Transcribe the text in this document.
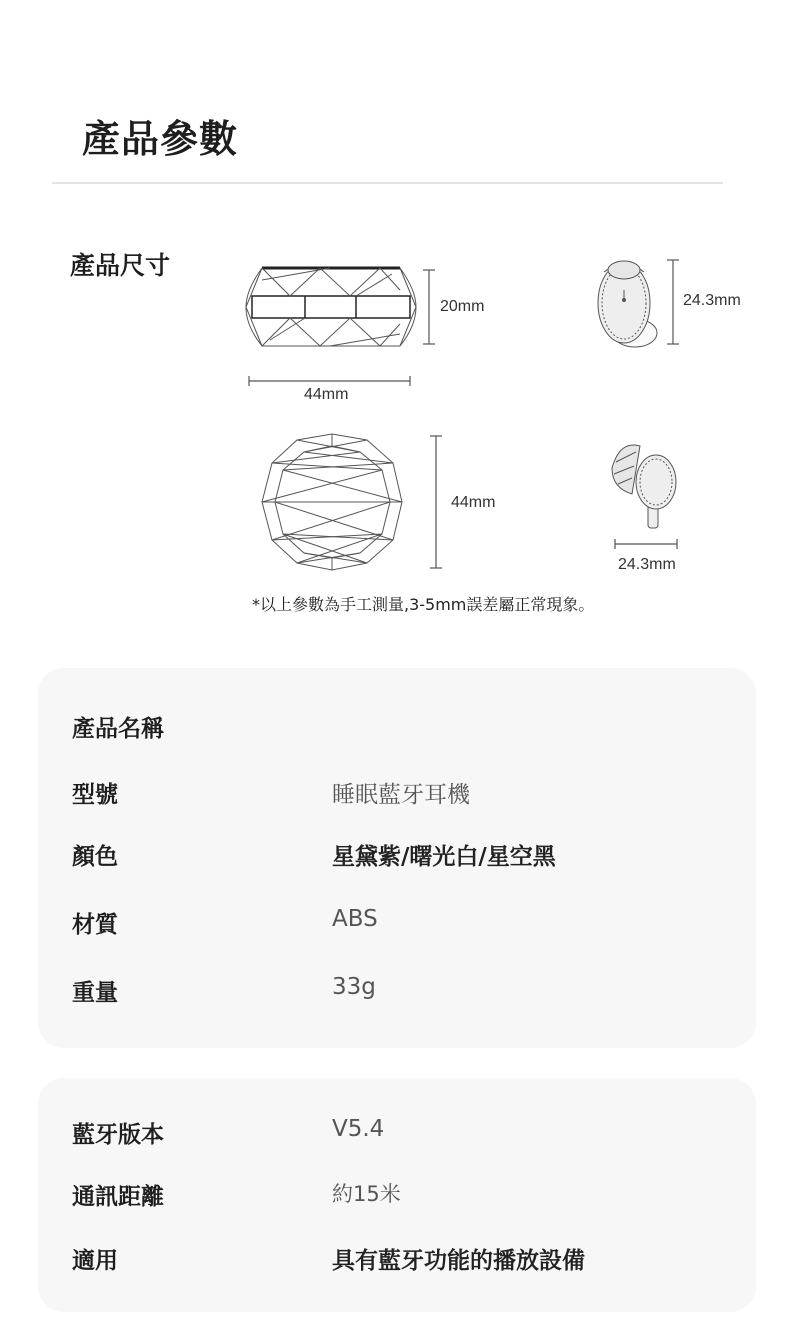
產品參數
產品尺寸
20mm
44mm
44mm
24.3mm
24.3mm
*以上參數為手工測量,3-5mm誤差屬正常現象。
產品名稱
型號	睡眠藍牙耳機
顏色	星黛紫/曙光白/星空黑
材質	ABS
重量	33g
藍牙版本	V5.4
通訊距離	約15米
適用	具有藍牙功能的播放設備
